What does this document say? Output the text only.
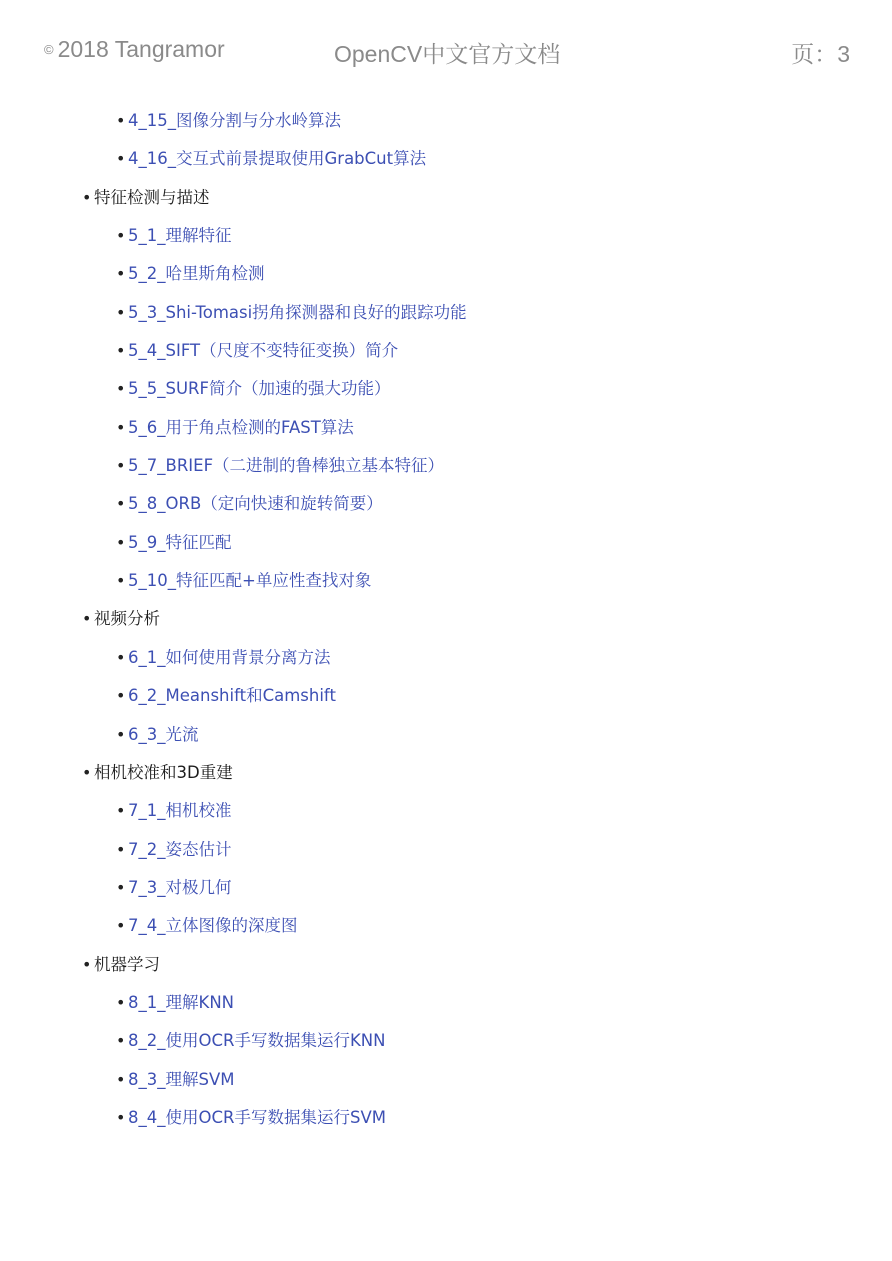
© 2018 Tangramor	OpenCV中文官方文档	页：3
• 4_15_图像分割与分水岭算法
• 4_16_交互式前景提取使用GrabCut算法
• 特征检测与描述
• 5_1_理解特征
• 5_2_哈里斯角检测
• 5_3_Shi-Tomasi拐角探测器和良好的跟踪功能
• 5_4_SIFT（尺度不变特征变换）简介
• 5_5_SURF简介（加速的强大功能）
• 5_6_用于角点检测的FAST算法
• 5_7_BRIEF（二进制的鲁棒独立基本特征）
• 5_8_ORB（定向快速和旋转简要）
• 5_9_特征匹配
• 5_10_特征匹配+单应性查找对象
• 视频分析
• 6_1_如何使用背景分离方法
• 6_2_Meanshift和Camshift
• 6_3_光流
• 相机校准和3D重建
• 7_1_相机校准
• 7_2_姿态估计
• 7_3_对极几何
• 7_4_立体图像的深度图
• 机器学习
• 8_1_理解KNN
• 8_2_使用OCR手写数据集运行KNN
• 8_3_理解SVM
• 8_4_使用OCR手写数据集运行SVM
